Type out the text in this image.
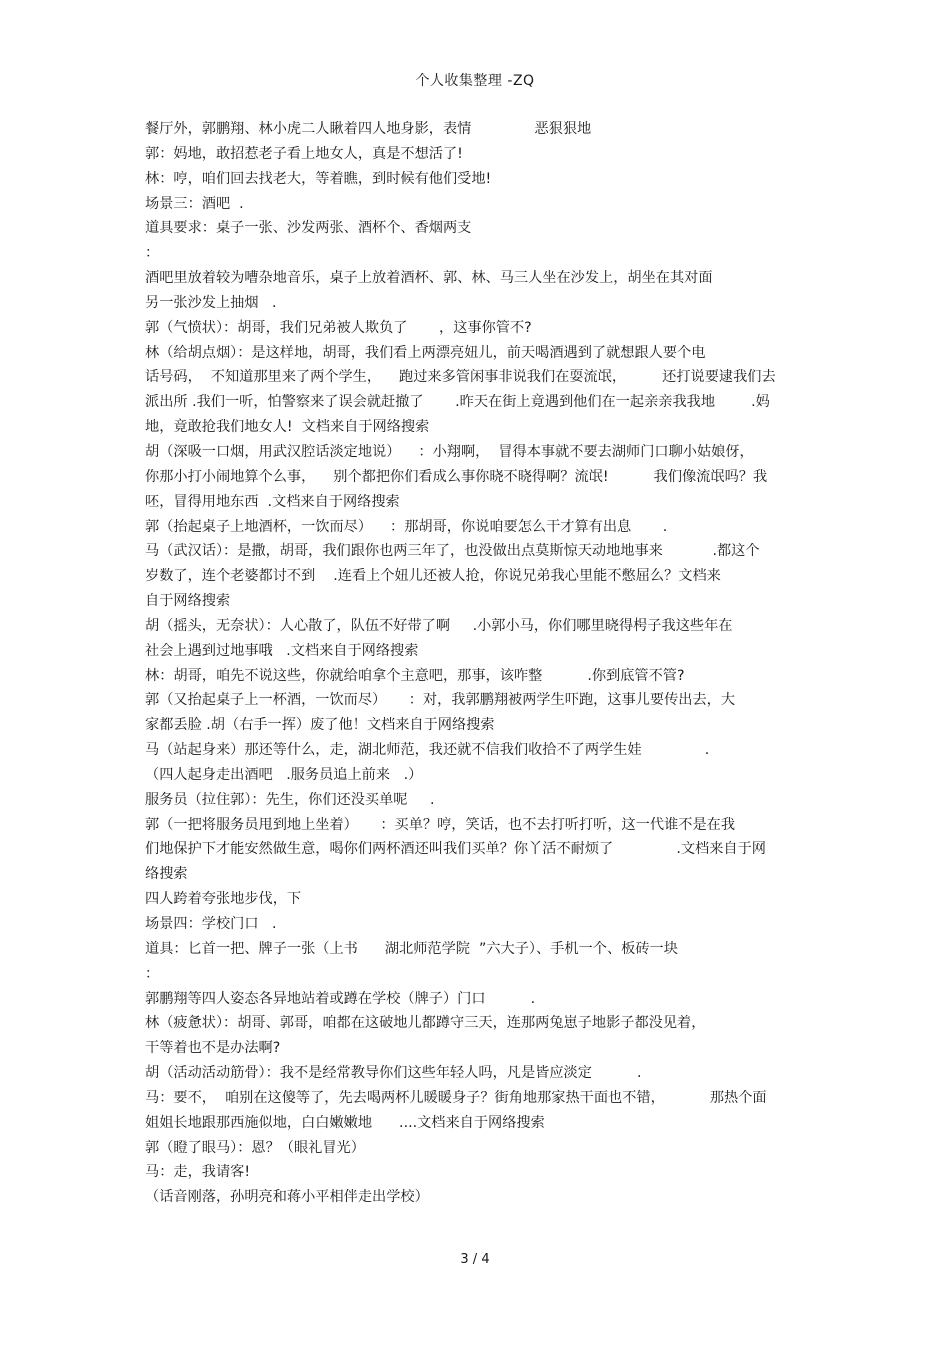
个人收集整理 -ZQ
餐厅外，郭鹏翔、林小虎二人瞅着四人地身影，表情              恶狠狠地
郭：妈地，敢招惹老子看上地女人，真是不想活了!
林：哼，咱们回去找老大，等着瞧，到时候有他们受地!
场景三：酒吧  .
道具要求：桌子一张、沙发两张、酒杯个、香烟两支
：
酒吧里放着较为嘈杂地音乐，桌子上放着酒杯、郭、林、马三人坐在沙发上，胡坐在其对面
另一张沙发上抽烟   .
郭（气愤状）：胡哥，我们兄弟被人欺负了       ，这事你管不?
林（给胡点烟）：是这样地，胡哥，我们看上两漂亮妞儿，前天喝酒遇到了就想跟人要个电
话号码，  不知道那里来了两个学生，    跑过来多管闲事非说我们在耍流氓，        还打说要逮我们去
派出所 .我们一听，怕警察来了误会就赶撤了       .昨天在街上竟遇到他们在一起亲亲我我地        .妈
地，竟敢抢我们地女人!  文档来自于网络搜索
胡（深吸一口烟，用武汉腔话淡定地说）    ：小翔啊，  冒得本事就不要去湖师门口聊小姑娘伢，
你那小打小闹地算个么事，    别个都把你们看成么事你晓不晓得啊？流氓!          我们像流氓吗？我
呸，冒得用地东西  .文档来自于网络搜索
郭（抬起桌子上地酒杯，一饮而尽）    ：那胡哥，你说咱要怎么干才算有出息       .
马（武汉话）：是撒，胡哥，我们跟你也两三年了，也没做出点莫斯惊天动地地事来           .都这个
岁数了，连个老婆都讨不到    .连看上个妞儿还被人抢，你说兄弟我心里能不憋屈么？文档来
自于网络搜索
胡（摇头，无奈状）：人心散了，队伍不好带了啊     .小郭小马，你们哪里晓得枵子我这些年在
社会上遇到过地事哦   .文档来自于网络搜索
林：胡哥，咱先不说这些，你就给咱拿个主意吧，那事，该咋整          .你到底管不管?
郭（又抬起桌子上一杯酒，一饮而尽）     ：对，我郭鹏翔被两学生吓跑，这事儿要传出去，大
家都丢脸 .胡（右手一挥）废了他！文档来自于网络搜索
马（站起身来）那还等什么，走，湖北师范，我还就不信我们收拾不了两学生娃              .
（四人起身走出酒吧   .服务员追上前来   .）
服务员（拉住郭）：先生，你们还没买单呢     .
郭（一把将服务员甩到地上坐着）     ：买单？哼，笑话，也不去打听打听，这一代谁不是在我
们地保护下才能安然做生意，喝你们两杯酒还叫我们买单？你丫活不耐烦了              .文档来自于网
络搜索
四人跨着夸张地步伐，下
场景四：学校门口   .
道具：匕首一把、牌子一张（上书      湖北师范学院  ”六大子）、手机一个、板砖一块
：
郭鹏翔等四人姿态各异地站着或蹲在学校（牌子）门口          .
林（疲惫状）：胡哥、郭哥，咱都在这破地儿都蹲守三天，连那两兔崽子地影子都没见着，
干等着也不是办法啊?
胡（活动活动筋骨）：我不是经常教导你们这些年轻人吗，凡是皆应淡定          .
马：要不，  咱别在这傻等了，先去喝两杯儿暖暖身子？街角地那家热干面也不错，          那热个面
姐姐长地跟那西施似地，白白嫩嫩地      ....文档来自于网络搜索
郭（瞪了眼马）：恩？（眼礼冒光）
马：走，我请客!
（话音刚落，孙明亮和蒋小平相伴走出学校）
3 / 4
